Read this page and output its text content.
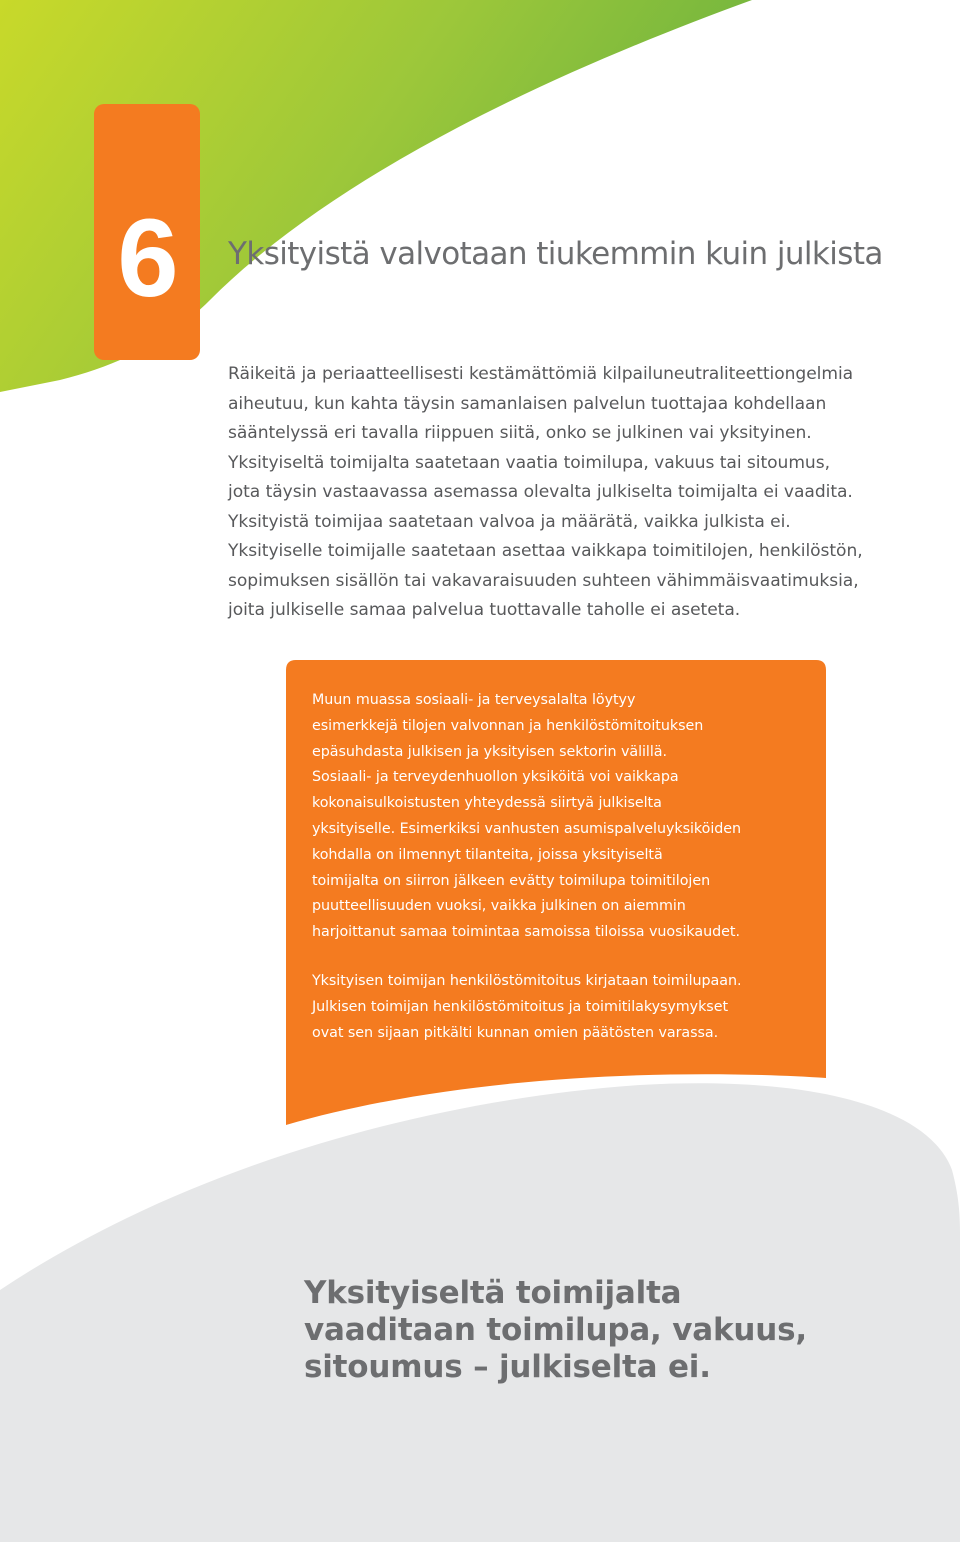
6	Yksityistä valvotaan tiukemmin kuin julkista

Räikeitä ja periaatteellisesti kestämättömiä kilpailuneutraliteettiongelmia
aiheutuu, kun kahta täysin samanlaisen palvelun tuottajaa kohdellaan
sääntelyssä eri tavalla riippuen siitä, onko se julkinen vai yksityinen.
Yksityiseltä toimijalta saatetaan vaatia toimilupa, vakuus tai sitoumus,
jota täysin vastaavassa asemassa olevalta julkiselta toimijalta ei vaadita.
Yksityistä toimijaa saatetaan valvoa ja määrätä, vaikka julkista ei.
Yksityiselle toimijalle saatetaan asettaa vaikkapa toimitilojen, henkilöstön,
sopimuksen sisällön tai vakavaraisuuden suhteen vähimmäisvaatimuksia,
joita julkiselle samaa palvelua tuottavalle taholle ei aseteta.

Muun muassa sosiaali- ja terveysalalta löytyy
esimerkkejä tilojen valvonnan ja henkilöstömitoituksen
epäsuhdasta julkisen ja yksityisen sektorin välillä.
Sosiaali- ja terveydenhuollon yksiköitä voi vaikkapa
kokonaisulkoistusten yhteydessä siirtyä julkiselta
yksityiselle. Esimerkiksi vanhusten asumispalveluyksiköiden
kohdalla on ilmennyt tilanteita, joissa yksityiseltä
toimijalta on siirron jälkeen evätty toimilupa toimitilojen
puutteellisuuden vuoksi, vaikka julkinen on aiemmin
harjoittanut samaa toimintaa samoissa tiloissa vuosikaudet.
Yksityisen toimijan henkilöstömitoitus kirjataan toimilupaan.
Julkisen toimijan henkilöstömitoitus ja toimitilakysymykset
ovat sen sijaan pitkälti kunnan omien päätösten varassa.

Yksityiseltä toimijalta
vaaditaan toimilupa, vakuus,
sitoumus – julkiselta ei.
